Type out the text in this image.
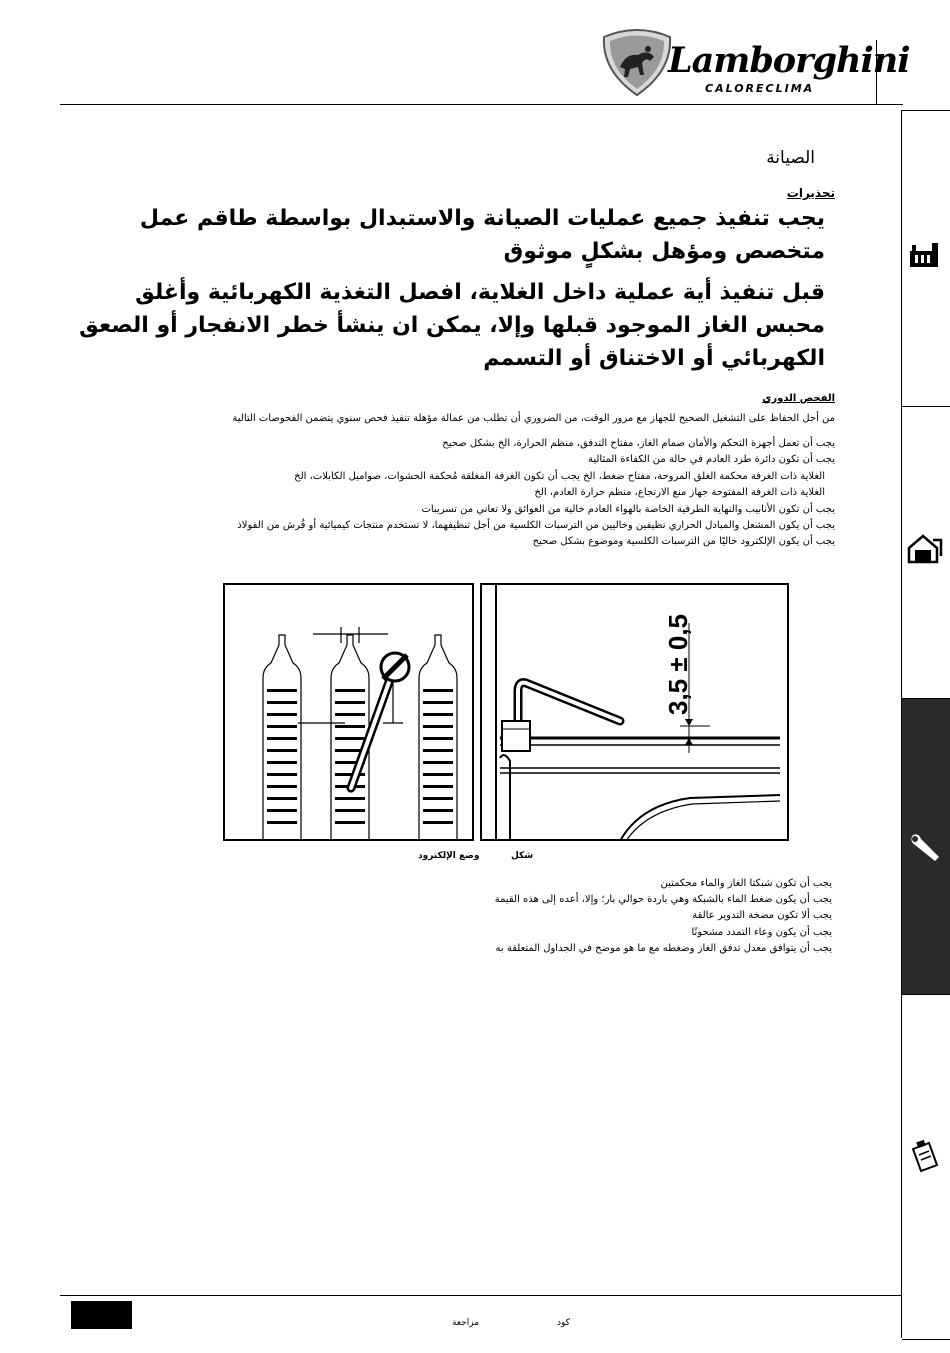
Lamborghini
CALORECLIMA
الصيانة
تحذيرات
يجب تنفيذ جميع عمليات الصيانة والاستبدال بواسطة طاقم عمل متخصص ومؤهل بشكلٍ موثوق
قبل تنفيذ أية عملية داخل الغلاية، افصل التغذية الكهربائية وأغلق محبس الغاز الموجود قبلها وإلا، يمكن ان ينشأ خطر الانفجار أو الصعق الكهربائي أو الاختناق أو التسمم
الفحص الدوري
من أجل الحفاظ على التشغيل الصحيح للجهاز مع مرور الوقت، من الضروري أن تطلب من عمالة مؤهلة تنفيذ فحص سنوي يتضمن الفحوصات التالية
يجب أن تعمل أجهزة التحكم والأمان صمام الغاز، مفتاح التدفق، منظم الحرارة، الخ بشكل صحيح
يجب أن تكون دائرة طرد العادم في حالة من الكفاءة المثالية
الغلاية ذات الغرفة محكمة الغلق المروحة، مفتاح ضغط، الخ يجب أن تكون الغرفة المغلقة مُحكمة الحشوات، صواميل الكابلات، الخ
الغلاية ذات الغرفة المفتوحة جهاز منع الارتجاع، منظم حرارة العادم، الخ
يجب أن تكون الأنابيب والنهاية الطرفية الخاصة بالهواء العادم خالية من العوائق ولا تعاني من تسريبات
يجب أن يكون المشعل والمبادل الحراري نظيفين وخاليين من الترسبات الكلسية من أجل تنظيفهما، لا تستخدم منتجات كيميائية أو فُرش من الفولاذ
يجب أن يكون الإلكترود خاليًا من الترسبات الكلسية وموضوع بشكل صحيح
3,5 ± 0,5
وضع الإلكترود	شكل
يجب أن تكون شبكتا الغاز والماء محكمتين
يجب أن يكون ضغط الماء بالشبكة وهي باردة حوالي بار؛ وإلا، أعده إلى هذه القيمة
يجب ألا تكون مضخة التدوير عالقة
يجب أن يكون وعاء التمدد مشحونًا
يجب أن يتوافق معدل تدفق الغاز وضغطه مع ما هو موضح في الجداول المتعلقة به
كود
مراجعة
